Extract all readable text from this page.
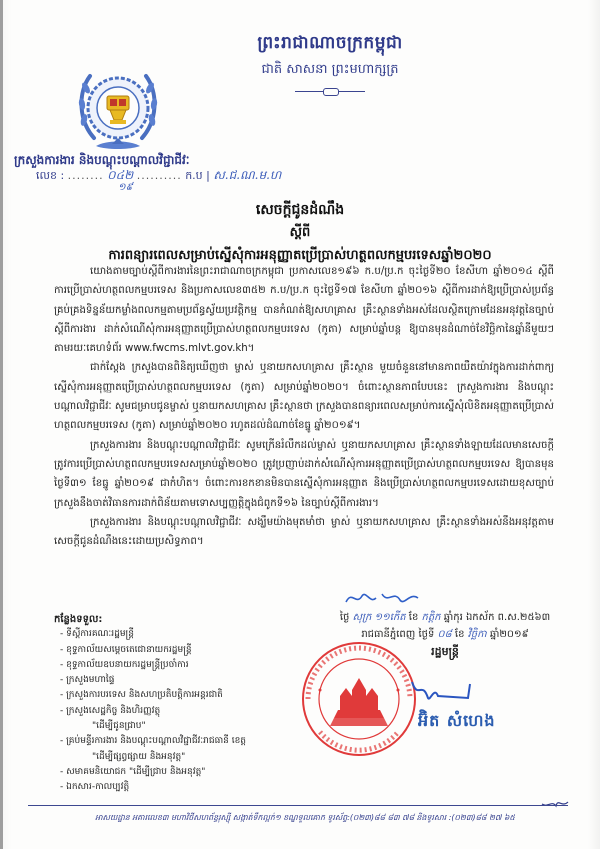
ព្រះរាជាណាចក្រកម្ពុជា
ជាតិ សាសនា ព្រះមហាក្សត្រ
ក្រសួងការងារ និងបណ្តុះបណ្តាលវិជ្ជាជីវៈ
លេខ : ........ ០៤២ .......... ក.ប | ស.ជ.ណ.ម.ហ
១៩
សេចក្តីជូនដំណឹង
ស្តីពី
ការពន្យារពេលសម្រាប់ស្នើសុំការអនុញ្ញាតប្រើប្រាស់ហត្ថពលកម្មបរទេសឆ្នាំ២០២០

យោងតាមច្បាប់ស្តីពីការងារនៃព្រះរាជាណាចក្រកម្ពុជា ប្រកាសលេខ១៩៦ ក.ប/ប្រ.ក ចុះថ្ងៃទី២០ ខែសីហា ឆ្នាំ២០១៤ ស្តីពីការប្រើប្រាស់ហត្ថពលកម្មបរទេស និងប្រកាសលេខ៣៥២ ក.ប/ប្រ.ក ចុះថ្ងៃទី១៧ ខែសីហា ឆ្នាំ២០១៦ ស្តីពីការដាក់ឱ្យប្រើប្រាស់ប្រព័ន្ធគ្រប់គ្រងទិន្នន័យកម្លាំងពលកម្មតាមប្រព័ន្ធស្វ័យប្រវត្តិកម្ម បានកំណត់ឱ្យសហគ្រាស គ្រឹះស្ថានទាំងអស់ដែលស្ថិតក្រោមដែនអនុវត្តនៃច្បាប់ស្តីពីការងារ ដាក់សំណើសុំការអនុញ្ញាតប្រើប្រាស់ហត្ថពលកម្មបរទេស (កូតា) សម្រាប់ឆ្នាំបន្ត ឱ្យបានមុនដំណាច់ខែវិច្ឆិកានៃឆ្នាំនីមួយៗ តាមរយៈគេហទំព័រ www.fwcms.mlvt.gov.kh។

ជាក់ស្តែង ក្រសួងបានពិនិត្យឃើញថា ម្ចាស់ ឬនាយកសហគ្រាស គ្រឹះស្ថាន មួយចំនួននៅមានភាពយឺតយ៉ាវក្នុងការដាក់ពាក្យស្នើសុំការអនុញ្ញាតប្រើប្រាស់ហត្ថពលកម្មបរទេស (កូតា) សម្រាប់ឆ្នាំ២០២០។ ចំពោះស្ថានភាពបែបនេះ ក្រសួងការងារ និងបណ្តុះបណ្តាលវិជ្ជាជីវៈ សូមជម្រាបជូនម្ចាស់ ឬនាយកសហគ្រាស គ្រឹះស្ថានថា ក្រសួងបានពន្យារពេលសម្រាប់ការស្នើសុំលិខិតអនុញ្ញាតប្រើប្រាស់ហត្ថពលកម្មបរទេស (កូតា) សម្រាប់ឆ្នាំ២០២០ រហូតដល់ដំណាច់ខែធ្នូ ឆ្នាំ២០១៩។

ក្រសួងការងារ និងបណ្តុះបណ្តាលវិជ្ជាជីវៈ សូមក្រើនរំលឹកដល់ម្ចាស់ ឬនាយកសហគ្រាស គ្រឹះស្ថានទាំងឡាយដែលមានសេចក្តីត្រូវការប្រើប្រាស់ហត្ថពលកម្មបរទេសសម្រាប់ឆ្នាំ២០២០ ត្រូវប្រញាប់ដាក់សំណើសុំការអនុញ្ញាតប្រើប្រាស់ហត្ថពលកម្មបរទេស ឱ្យបានមុនថ្ងៃទី៣១ ខែធ្នូ ឆ្នាំ២០១៩ ជាកំហិត។ ចំពោះការខកខានមិនបានស្នើសុំការអនុញ្ញាត និងប្រើប្រាស់ហត្ថពលកម្មបរទេសដោយខុសច្បាប់ ក្រសួងនឹងចាត់វិធានការដាក់ពិន័យតាមទោសប្បញ្ញត្តិក្នុងជំពូកទី១៦ នៃច្បាប់ស្តីពីការងារ។

ក្រសួងការងារ និងបណ្តុះបណ្តាលវិជ្ជាជីវៈ សង្ឃឹមយ៉ាងមុតមាំថា ម្ចាស់ ឬនាយកសហគ្រាស គ្រឹះស្ថានទាំងអស់នឹងអនុវត្តតាមសេចក្តីជូនដំណឹងនេះដោយប្រសិទ្ធភាព។

ថ្ងៃ សុក្រ ១១កើត ខែ កត្តិក ឆ្នាំកុរ ឯកស័ក ព.ស.២៥៦៣
រាជធានីភ្នំពេញ ថ្ងៃទី ០៨ ខែ វិច្ឆិកា ឆ្នាំ២០១៩
រដ្ឋមន្ត្រី
អ៊ិត សំហេង
កន្លែងទទួល:
- ទីស្តីការគណៈរដ្ឋមន្ត្រី
- ខុទ្ទកាល័យសម្តេចតេជោនាយករដ្ឋមន្ត្រី
- ខុទ្ទកាល័យឧបនាយករដ្ឋមន្ត្រីប្រចាំការ
- ក្រសួងមហាផ្ទៃ
- ក្រសួងការបរទេស និងសហប្រតិបត្តិការអន្តរជាតិ
- ក្រសួងសេដ្ឋកិច្ច និងហិរញ្ញវត្ថុ
"ដើម្បីជូនជ្រាប"
- គ្រប់មន្ទីរការងារ និងបណ្តុះបណ្តាលវិជ្ជាជីវៈរាជធានី ខេត្ត
"ដើម្បីផ្សព្វផ្សាយ និងអនុវត្ត"
- សមាគមនិយោជក "ដើម្បីជ្រាប និងអនុវត្ត"
- ឯកសារ-កាលប្បវត្តិ
អាសយដ្ឋាន អគារលេខ៣ មហាវិថីសហព័ន្ធរុស្ស៊ី សង្កាត់ទឹកល្អក់១ ខណ្ឌទួលគោក ទូរស័ព្ទ:(០២៣)៨៨ ៨៣ ៧៨ និងទូរសារ :(០២៣)៨៨ ២៧ ៦៥
